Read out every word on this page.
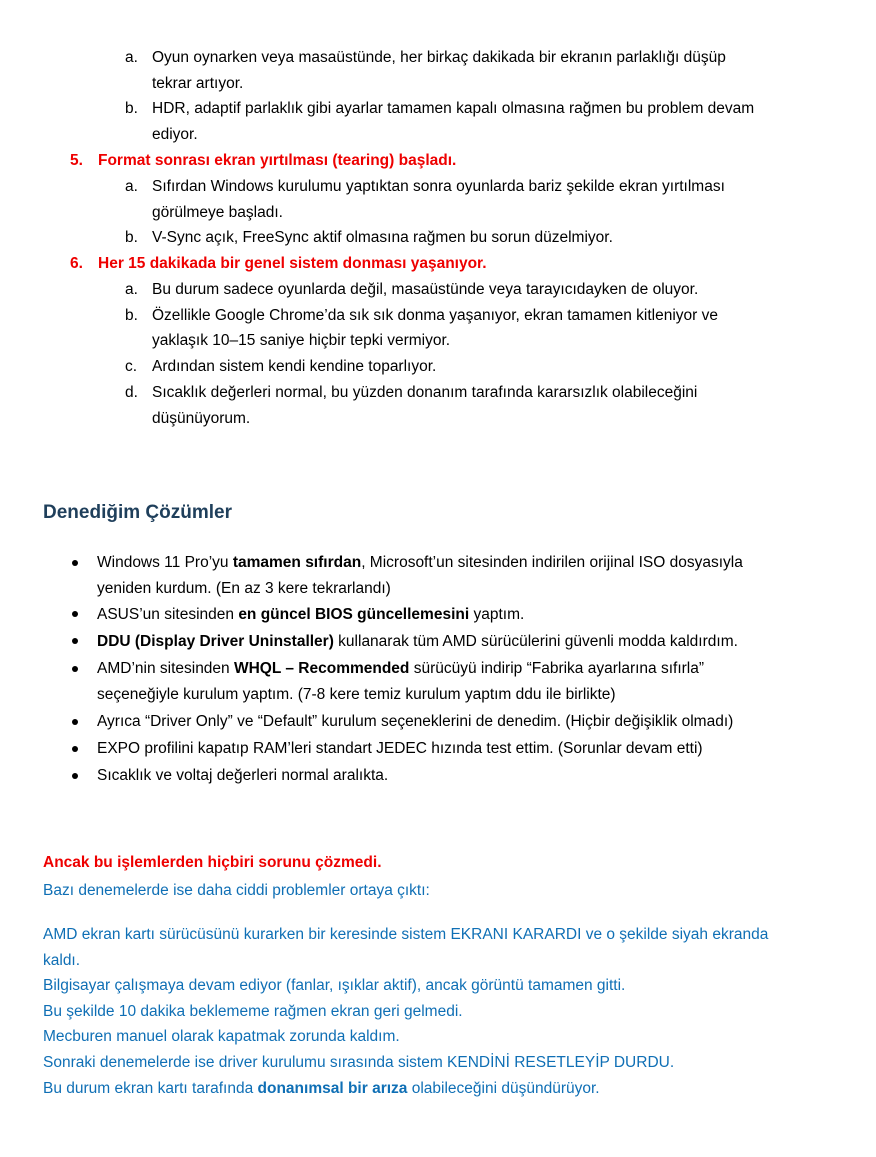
a. Oyun oynarken veya masaüstünde, her birkaç dakikada bir ekranın parlaklığı düşüp
tekrar artıyor.
b. HDR, adaptif parlaklık gibi ayarlar tamamen kapalı olmasına rağmen bu problem devam
ediyor.
5. Format sonrası ekran yırtılması (tearing) başladı.
a. Sıfırdan Windows kurulumu yaptıktan sonra oyunlarda bariz şekilde ekran yırtılması
görülmeye başladı.
b. V-Sync açık, FreeSync aktif olmasına rağmen bu sorun düzelmiyor.
6. Her 15 dakikada bir genel sistem donması yaşanıyor.
a. Bu durum sadece oyunlarda değil, masaüstünde veya tarayıcıdayken de oluyor.
b. Özellikle Google Chrome’da sık sık donma yaşanıyor, ekran tamamen kitleniyor ve
yaklaşık 10–15 saniye hiçbir tepki vermiyor.
c. Ardından sistem kendi kendine toparlıyor.
d. Sıcaklık değerleri normal, bu yüzden donanım tarafında kararsızlık olabileceğini
düşünüyorum.
Denediğim Çözümler
Windows 11 Pro’yu tamamen sıfırdan, Microsoft’un sitesinden indirilen orijinal ISO dosyasıyla
yeniden kurdum. (En az 3 kere tekrarlandı)
ASUS’un sitesinden en güncel BIOS güncellemesini yaptım.
DDU (Display Driver Uninstaller) kullanarak tüm AMD sürücülerini güvenli modda kaldırdım.
AMD’nin sitesinden WHQL – Recommended sürücüyü indirip “Fabrika ayarlarına sıfırla”
seçeneğiyle kurulum yaptım. (7-8 kere temiz kurulum yaptım ddu ile birlikte)
Ayrıca “Driver Only” ve “Default” kurulum seçeneklerini de denedim. (Hiçbir değişiklik olmadı)
EXPO profilini kapatıp RAM’leri standart JEDEC hızında test ettim. (Sorunlar devam etti)
Sıcaklık ve voltaj değerleri normal aralıkta.
Ancak bu işlemlerden hiçbiri sorunu çözmedi.
Bazı denemelerde ise daha ciddi problemler ortaya çıktı:
AMD ekran kartı sürücüsünü kurarken bir keresinde sistem EKRANI KARARDI ve o şekilde siyah ekranda
kaldı.
Bilgisayar çalışmaya devam ediyor (fanlar, ışıklar aktif), ancak görüntü tamamen gitti.
Bu şekilde 10 dakika beklememe rağmen ekran geri gelmedi.
Mecburen manuel olarak kapatmak zorunda kaldım.
Sonraki denemelerde ise driver kurulumu sırasında sistem KENDİNİ RESETLEYİP DURDU.
Bu durum ekran kartı tarafında donanımsal bir arıza olabileceğini düşündürüyor.
